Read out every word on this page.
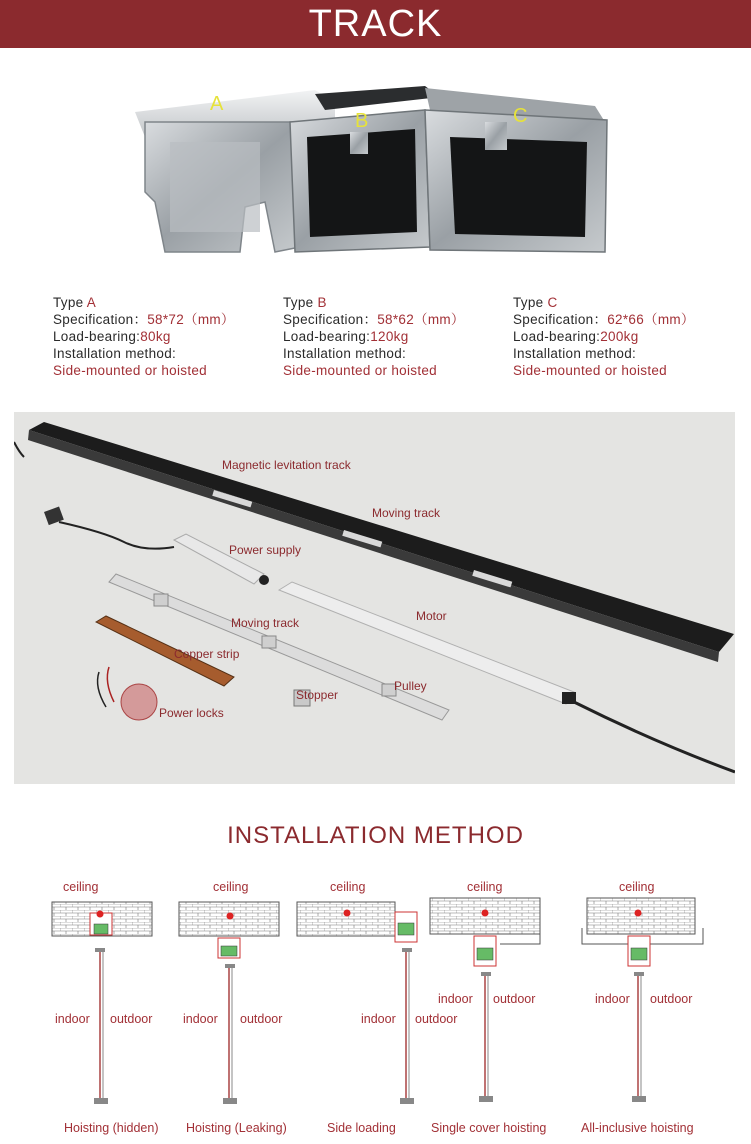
TRACK
A
B	C
Type A
Specification：58*72（mm）
Load-bearing:80kg
Installation method:
Side-mounted or hoisted
Type B
Specification：58*62（mm）
Load-bearing:120kg
Installation method:
Side-mounted or hoisted
Type C
Specification：62*66（mm）
Load-bearing:200kg
Installation method:
Side-mounted or hoisted
Magnetic levitation track
Moving track
Power supply
Motor
Moving track
Copper strip
Pulley
Stopper
Power locks
INSTALLATION METHOD
ceiling	ceiling	ceiling	ceiling	ceiling
indoor outdoor indoor outdoor	indoor outdoor
indoor outdoor	indoor outdoor
Hoisting (hidden) Hoisting (Leaking)	Side loading	Single cover hoisting	All-inclusive hoisting
